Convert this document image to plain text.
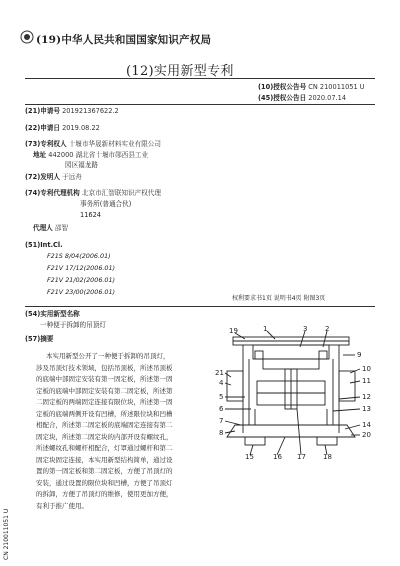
(19)中华人民共和国国家知识产权局
(12)实用新型专利
(10)授权公告号 CN 210011051 U
(45)授权公告日 2020.07.14
(21)申请号 201921367622.2
(22)申请日 2019.08.22
(73)专利权人 十堰市华晟新材料实业有限公司
地址 442000 湖北省十堰市郧西县工业
园区福龙路
(72)发明人 于远舟
(74)专利代理机构 北京市汇智联知识产权代理
事务所(普通合伙)
11624
代理人 邵智
(51)Int.Cl.
F21S 8/04(2006.01)
F21V 17/12(2006.01)
F21V 21/02(2006.01)
F21V 23/00(2006.01)
权利要求书1页 说明书4页 附图3页
(54)实用新型名称
一种便于拆卸的吊顶灯
(57)摘要
本实用新型公开了一种便于拆卸的吊顶灯，
涉及吊顶灯技术领域，包括吊顶板，所述吊顶板
的底端中部固定安装有第一固定板，所述第一固
定板的底端中部固定安装有第二固定板，所述第
二固定板的两端固定连接有限位块，所述第一固
定板的底端两侧开设有凹槽，所述限位块和凹槽
相配合，所述第二固定板的底端固定连接有第二
固定块，所述第二固定块的内部开设有螺纹孔，
所述螺纹孔和螺杆相配合，灯罩通过螺杆和第二
固定块固定连接，本实用新型结构简单，通过设
置的第一固定板和第二固定板，方便了吊顶灯的
安装，通过设置的限位块和凹槽，方便了吊顶灯
的拆卸，方便了吊顶灯的维修，使用更加方便，
有利于推广使用。
19	1	3	2
21
4
5
6
7
8
9
10
11
12
13
14
15	16 17 18
20
CN 210011051 U
